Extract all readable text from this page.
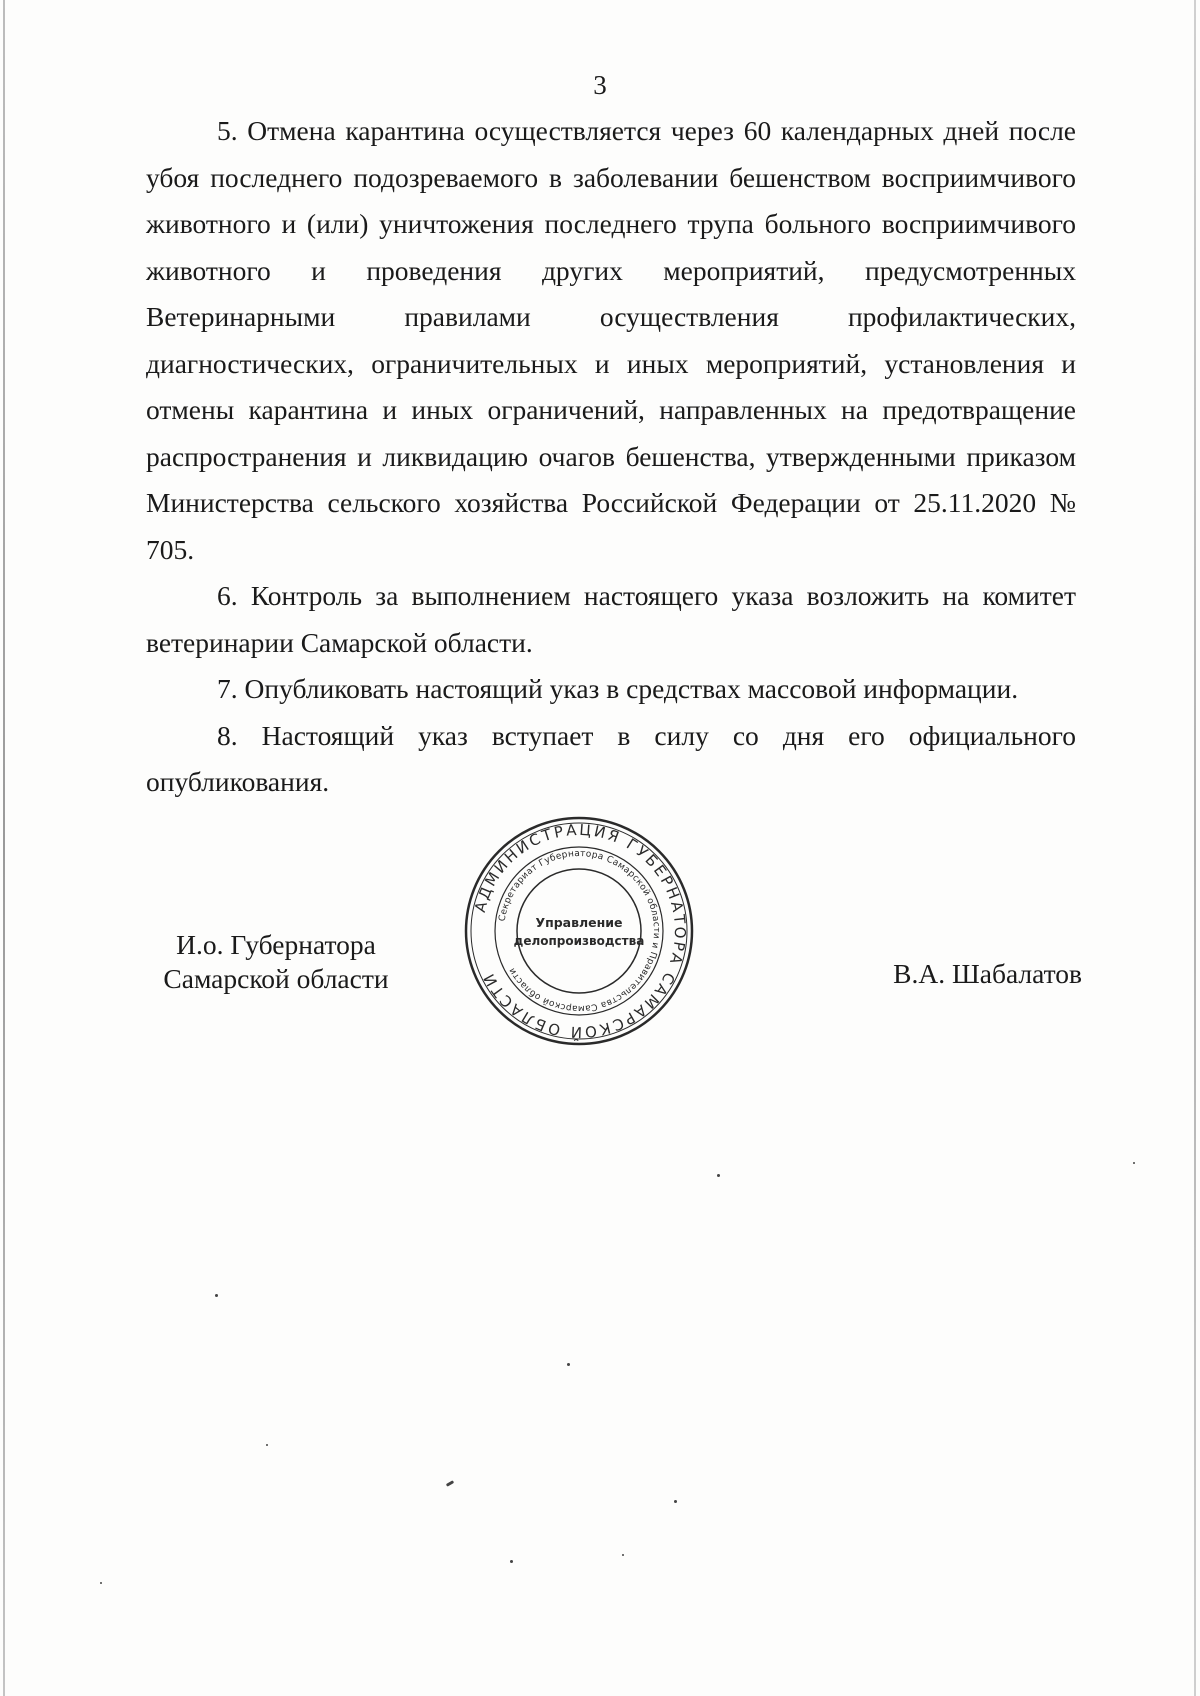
3

5. Отмена карантина осуществляется через 60 календарных дней после убоя последнего подозреваемого в заболевании бешенством восприимчивого животного и (или) уничтожения последнего трупа больного восприимчивого животного и проведения других мероприятий, предусмотренных Ветеринарными правилами осуществления профилактических, диагностических, ограничительных и иных мероприятий, установления и отмены карантина и иных ограничений, направленных на предотвращение распространения и ликвидацию очагов бешенства, утвержденными приказом Министерства сельского хозяйства Российской Федерации от 25.11.2020 № 705.

6. Контроль за выполнением настоящего указа возложить на комитет ветеринарии Самарской области.

7. Опубликовать настоящий указ в средствах массовой информации.

8. Настоящий указ вступает в силу со дня его официального опубликования.

И.о. Губернатора
Самарской области	В.А. Шабалатов
АДМИНИСТРАЦИЯ ГУБЕРНАТОРА САМАРСКОЙ ОБЛАСТИ
Секретариат Губернатора Самарской области и Правительства Самарской области
Управление
делопроизводства
